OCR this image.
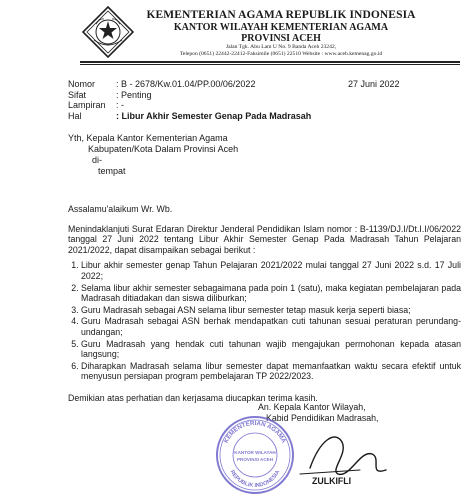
KEMENTERIAN AGAMA REPUBLIK INDONESIA
KANTOR WILAYAH KEMENTERIAN AGAMA
PROVINSI ACEH
Jalan Tgk. Abu Lam U No. 9 Banda Aceh 23242,
Telepon (0651) 22442-22412-Faksimile (0651) 22510 Website : www.aceh.kemenag.go.id
Nomor	: B - 2678/Kw.01.04/PP.00/06/2022
Sifat	: Penting
Lampiran	: -
Hal	: Libur Akhir Semester Genap Pada Madrasah
27 Juni 2022
Yth, Kepala Kantor Kementerian Agama
Kabupaten/Kota Dalam Provinsi Aceh
di-
tempat

Assalamu'alaikum Wr. Wb.

Menindaklanjuti Surat Edaran Direktur Jenderal Pendidikan Islam nomor : B-1139/DJ.I/Dt.I.I/06/2022 tanggal 27 Juni 2022 tentang Libur Akhir Semester Genap Pada Madrasah Tahun Pelajaran 2021/2022, dapat disampaikan sebagai berikut :

1. Libur akhir semester genap Tahun Pelajaran 2021/2022 mulai tanggal 27 Juni 2022 s.d. 17 Juli 2022;
2. Selama libur akhir semester sebagaimana pada poin 1 (satu), maka kegiatan pembelajaran pada Madrasah ditiadakan dan siswa diliburkan;
3. Guru Madrasah sebagai ASN selama libur semester tetap masuk kerja seperti biasa;
4. Guru Madrasah sebagai ASN berhak mendapatkan cuti tahunan sesuai peraturan perundang-undangan;
5. Guru Madrasah yang hendak cuti tahunan wajib mengajukan permohonan kepada atasan langsung;
6. Diharapkan Madrasah selama libur semester dapat memanfaatkan waktu secara efektif untuk menyusun persiapan program pembelajaran TP 2022/2023.

Demikian atas perhatian dan kerjasama diucapkan terima kasih.

An. Kepala Kantor Wilayah,
Kabid Pendidikan Madrasah,
KEMENTERIAN AGAMA
REPUBLIK INDONESIA
KANTOR WILAYAH
PROVINSI ACEH
ZULKIFLI
